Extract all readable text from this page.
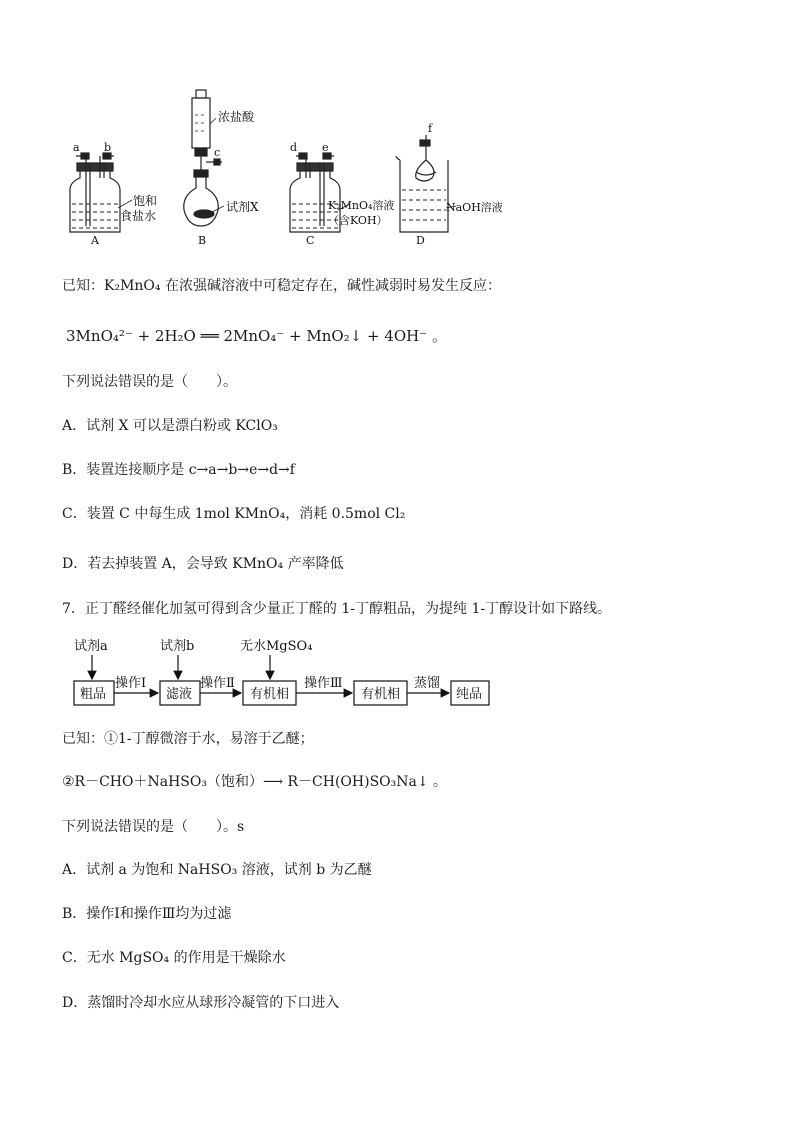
a b	c	d e
f
饱和
食盐水
浓盐酸
试剂X	K₂MnO₄溶液
（含KOH）
NaOH溶液
A	B	C	D
已知：K₂MnO₄ 在浓强碱溶液中可稳定存在，碱性减弱时易发生反应：
3MnO₄²⁻ + 2H₂O ══ 2MnO₄⁻ + MnO₂↓ + 4OH⁻ 。
下列说法错误的是（　　）。
A．试剂 X 可以是漂白粉或 KClO₃
B．装置连接顺序是 c→a→b→e→d→f
C．装置 C 中每生成 1mol KMnO₄，消耗 0.5mol Cl₂
D．若去掉装置 A，会导致 KMnO₄ 产率降低
7．正丁醛经催化加氢可得到含少量正丁醛的 1-丁醇粗品，为提纯 1-丁醇设计如下路线。
试剂a	试剂b	无水MgSO₄
粗品	滤液	有机相	有机相	纯品
操作Ⅰ	操作Ⅱ	操作Ⅲ	蒸馏
已知：①1-丁醇微溶于水，易溶于乙醚；
②R－CHO＋NaHSO₃（饱和）⟶ R－CH(OH)SO₃Na↓ 。
下列说法错误的是（　　）。s
A．试剂 a 为饱和 NaHSO₃ 溶液，试剂 b 为乙醚
B．操作Ⅰ和操作Ⅲ均为过滤
C．无水 MgSO₄ 的作用是干燥除水
D．蒸馏时冷却水应从球形冷凝管的下口进入
